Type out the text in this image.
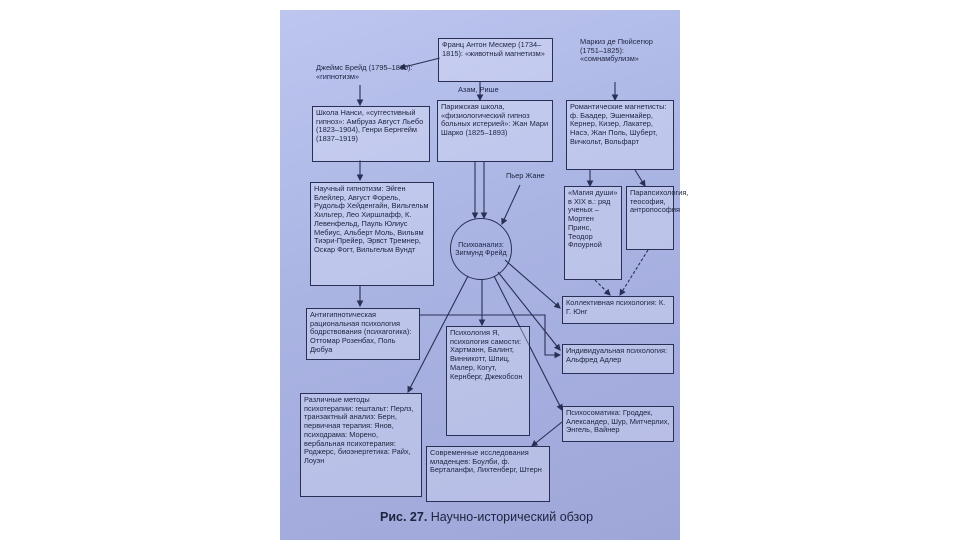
Франц Антон Месмер (1734–1815): «животный магнетизм»
Маркиз де Пюйсегюр (1751–1825): «сомнамбулизм»
Джеймс Брейд (1795–1860): «гипнотизм»
Азам, Рише
Школа Нанси, «суггестивный гипноз»: Амбруаз Август Льебо (1823–1904), Генри Бернгейм (1837–1919)
Парижская школа, «физиологический гипноз больных истерией»: Жан Мари Шарко (1825–1893)
Романтические магнетисты: ф. Баадер, Эшенмайер, Кернер, Кизер, Лакатер, Насэ, Жан Поль, Шуберт, Вичкольт, Вольфарт
Пьер Жане
Научный гипнотизм: Эйген Блейлер, Август Форель, Рудольф Хейденгайн, Вильгельм Хильгер, Лео Хиршлафф, К. Левенфельд, Пауль Юлиус Мебиус, Альберт Моль, Вильям Тиэри-Прейер, Эрвст Тремнер, Оскар Фогт, Вильгельм Вундт
«Магия души» в XIX в.: ряд ученых – Мортен Принс, Теодор Флоурной
Парапсихология, теософия, антропософия
Психоанализ: Зигмунд Фрейд
Коллективная психология: К. Г. Юнг
Антигипнотическая рациональная психология бодрствования (психагогика): Оттомар Розенбах, Поль Дюбуа
Психология Я, психология самости: Хартманн, Балинт, Винникотт, Шпиц, Малер, Когут, Кернберг, Джекобсон
Индивидуальная психология: Альфред Адлер
Различные методы психотерапии: гештальт: Перлз, транзактный анализ: Берн, первичная терапия: Янов, психодрама: Морено, вербальная психотерапия: Роджерс, биоэнергетика: Райх, Лоуэн
Психосоматика: Гроддек, Александер, Шур, Митчерлих, Энгель, Вайнер
Современные исследования младенцев: Боулби, ф. Берталанфи, Лихтенберг, Штерн
Рис. 27. Научно-исторический обзор
